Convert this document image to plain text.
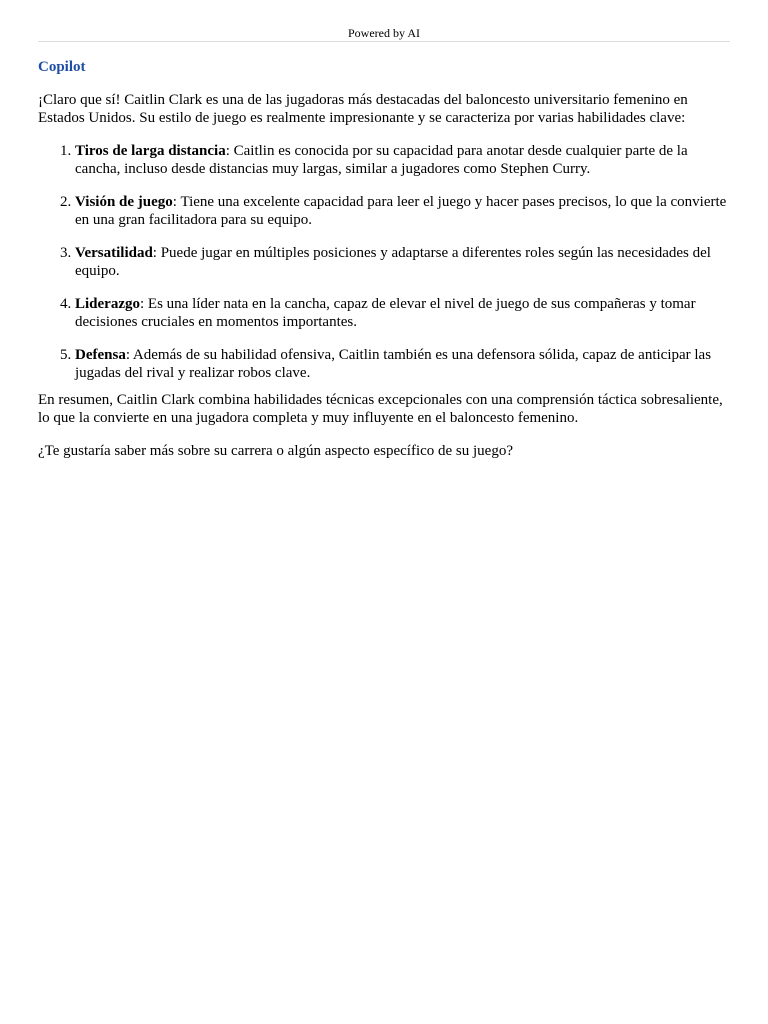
Powered by AI
Copilot
¡Claro que sí! Caitlin Clark es una de las jugadoras más destacadas del baloncesto universitario femenino en Estados Unidos. Su estilo de juego es realmente impresionante y se caracteriza por varias habilidades clave:
1. Tiros de larga distancia: Caitlin es conocida por su capacidad para anotar desde cualquier parte de la cancha, incluso desde distancias muy largas, similar a jugadores como Stephen Curry.
2. Visión de juego: Tiene una excelente capacidad para leer el juego y hacer pases precisos, lo que la convierte en una gran facilitadora para su equipo.
3. Versatilidad: Puede jugar en múltiples posiciones y adaptarse a diferentes roles según las necesidades del equipo.
4. Liderazgo: Es una líder nata en la cancha, capaz de elevar el nivel de juego de sus compañeras y tomar decisiones cruciales en momentos importantes.
5. Defensa: Además de su habilidad ofensiva, Caitlin también es una defensora sólida, capaz de anticipar las jugadas del rival y realizar robos clave.
En resumen, Caitlin Clark combina habilidades técnicas excepcionales con una comprensión táctica sobresaliente, lo que la convierte en una jugadora completa y muy influyente en el baloncesto femenino.
¿Te gustaría saber más sobre su carrera o algún aspecto específico de su juego?
